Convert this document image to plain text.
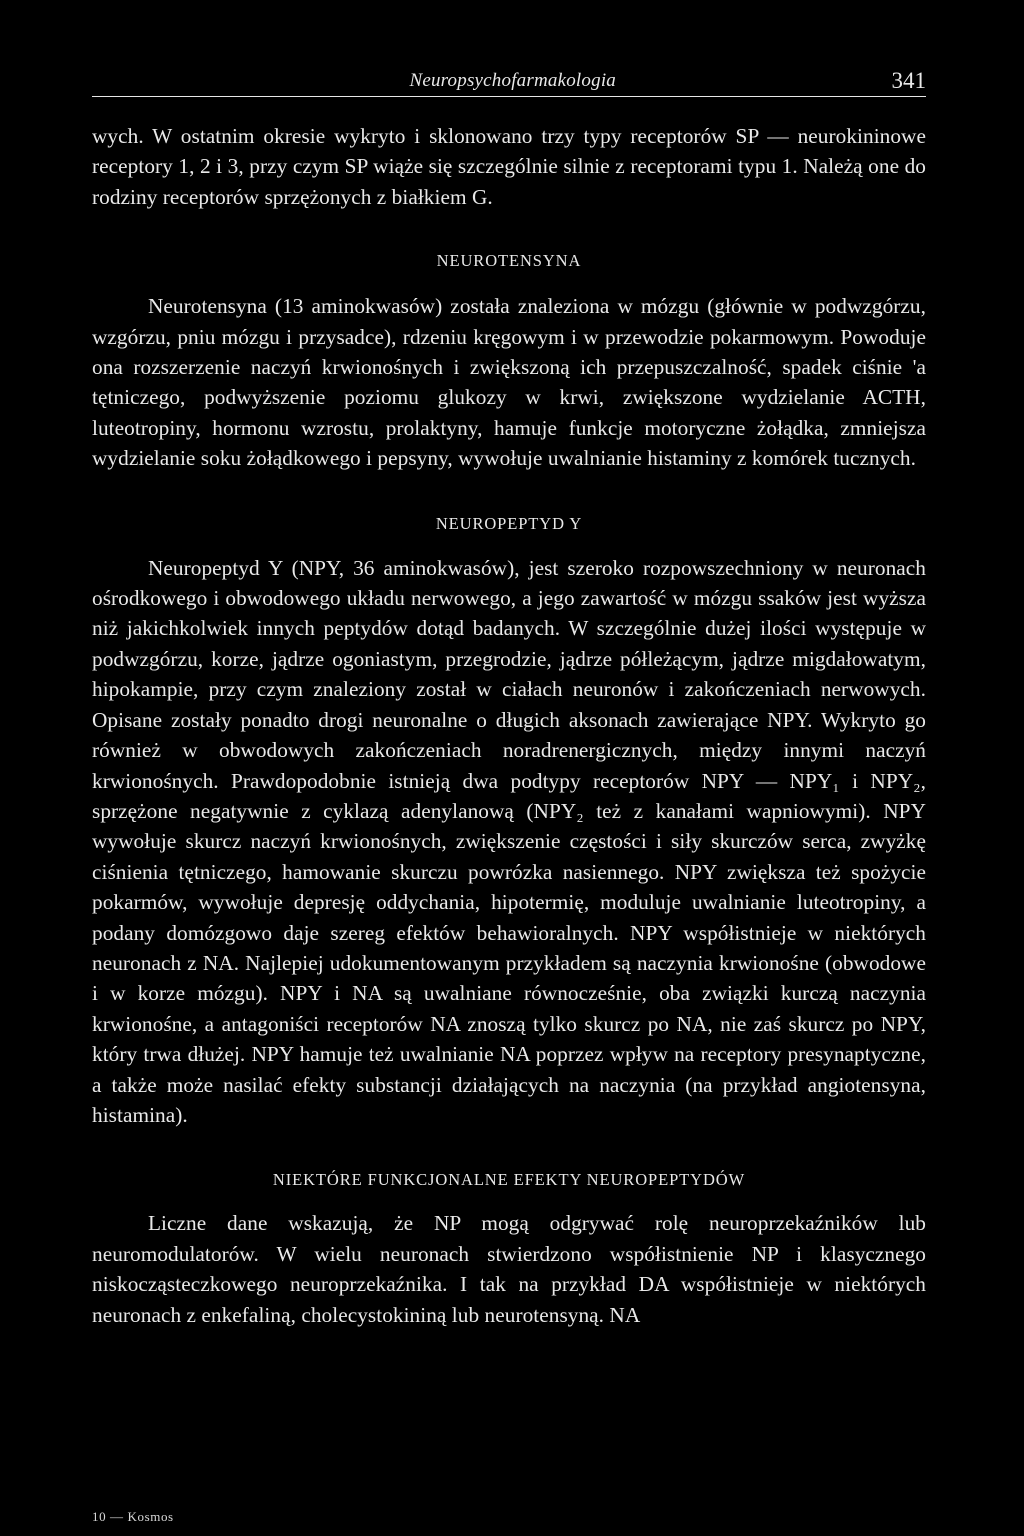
Neuropsychofarmakologia	341

wych. W ostatnim okresie wykryto i sklonowano trzy typy receptorów SP — neurokininowe receptory 1, 2 i 3, przy czym SP wiąże się szczególnie silnie z receptorami typu 1. Należą one do rodziny receptorów sprzężonych z białkiem G.

NEUROTENSYNA

Neurotensyna (13 aminokwasów) została znaleziona w mózgu (głównie w podwzgórzu, wzgórzu, pniu mózgu i przysadce), rdzeniu kręgowym i w przewodzie pokarmowym. Powoduje ona rozszerzenie naczyń krwionośnych i zwiększoną ich przepuszczalność, spadek ciśnie 'a tętniczego, podwyższenie poziomu glukozy w krwi, zwiększone wydzielanie ACTH, luteotropiny, hormonu wzrostu, prolaktyny, hamuje funkcje motoryczne żołądka, zmniejsza wydzielanie soku żołądkowego i pepsyny, wywołuje uwalnianie histaminy z komórek tucznych.

NEUROPEPTYD Y

Neuropeptyd Y (NPY, 36 aminokwasów), jest szeroko rozpowszechniony w neuronach ośrodkowego i obwodowego układu nerwowego, a jego zawartość w mózgu ssaków jest wyższa niż jakichkolwiek innych peptydów dotąd badanych. W szczególnie dużej ilości występuje w podwzgórzu, korze, jądrze ogoniastym, przegrodzie, jądrze półleżącym, jądrze migdałowatym, hipokampie, przy czym znaleziony został w ciałach neuronów i zakończeniach nerwowych. Opisane zostały ponadto drogi neuronalne o długich aksonach zawierające NPY. Wykryto go również w obwodowych zakończeniach noradrenergicznych, między innymi naczyń krwionośnych. Prawdopodobnie istnieją dwa podtypy receptorów NPY — NPY₁ i NPY₂, sprzężone negatywnie z cyklazą adenylanową (NPY₂ też z kanałami wapniowymi). NPY wywołuje skurcz naczyń krwionośnych, zwiększenie częstości i siły skurczów serca, zwyżkę ciśnienia tętniczego, hamowanie skurczu powrózka nasiennego. NPY zwiększa też spożycie pokarmów, wywołuje depresję oddychania, hipotermię, moduluje uwalnianie luteotropiny, a podany domózgowo daje szereg efektów behawioralnych. NPY współistnieje w niektórych neuronach z NA. Najlepiej udokumentowanym przykładem są naczynia krwionośne (obwodowe i w korze mózgu). NPY i NA są uwalniane równocześnie, oba związki kurczą naczynia krwionośne, a antagoniści receptorów NA znoszą tylko skurcz po NA, nie zaś skurcz po NPY, który trwa dłużej. NPY hamuje też uwalnianie NA poprzez wpływ na receptory presynaptyczne, a także może nasilać efekty substancji działających na naczynia (na przykład angiotensyna, histamina).

NIEKTÓRE FUNKCJONALNE EFEKTY NEUROPEPTYDÓW

Liczne dane wskazują, że NP mogą odgrywać rolę neuroprzekaźników lub neuromodulatorów. W wielu neuronach stwierdzono współistnienie NP i klasycznego niskocząsteczkowego neuroprzekaźnika. I tak na przykład DA współistnieje w niektórych neuronach z enkefaliną, cholecystokininą lub neurotensyną. NA

10 — Kosmos
